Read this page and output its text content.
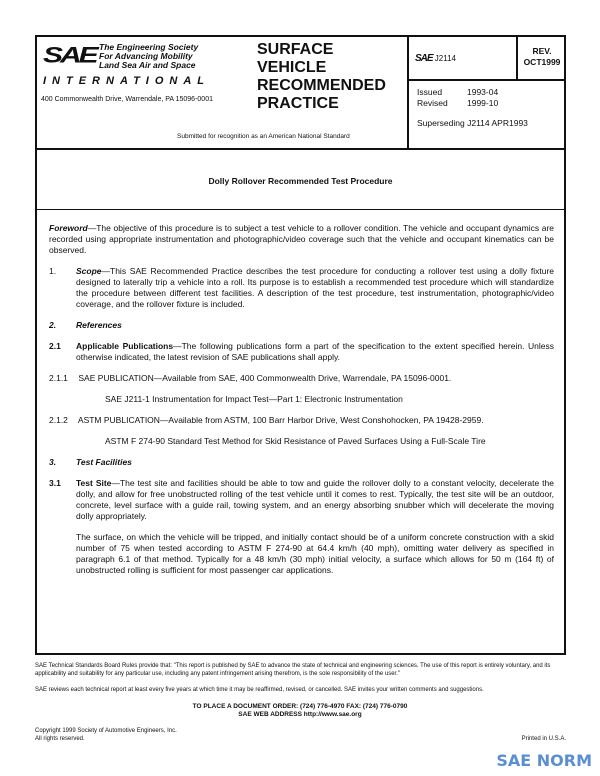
SAE The Engineering Society
For Advancing Mobility
Land Sea Air and Space
INTERNATIONAL
400 Commonwealth Drive, Warrendale, PA 15096-0001
SURFACE
VEHICLE
RECOMMENDED
PRACTICE
Submitted for recognition as an American National Standard
SAE J2114
REV.
OCT1999
Issued	1993-04
Revised 1999-10
Superseding J2114 APR1993
Dolly Rollover Recommended Test Procedure
Foreword—The objective of this procedure is to subject a test vehicle to a rollover condition. The vehicle and occupant dynamics are recorded using appropriate instrumentation and photographic/video coverage such that the vehicle and occupant kinematics can be observed.
1. Scope—This SAE Recommended Practice describes the test procedure for conducting a rollover test using a dolly fixture designed to laterally trip a vehicle into a roll. Its purpose is to establish a recommended test procedure which will standardize the procedure between different test facilities. A description of the test procedure, test instrumentation, photographic/video coverage, and the rollover fixture is included.
2. References
2.1 Applicable Publications—The following publications form a part of the specification to the extent specified herein. Unless otherwise indicated, the latest revision of SAE publications shall apply.
2.1.1 SAE PUBLICATION—Available from SAE, 400 Commonwealth Drive, Warrendale, PA 15096-0001.
SAE J211-1 Instrumentation for Impact Test—Part 1: Electronic Instrumentation
2.1.2 ASTM PUBLICATION—Available from ASTM, 100 Barr Harbor Drive, West Conshohocken, PA 19428-2959.
ASTM F 274-90 Standard Test Method for Skid Resistance of Paved Surfaces Using a Full-Scale Tire
3. Test Facilities
3.1 Test Site—The test site and facilities should be able to tow and guide the rollover dolly to a constant velocity, decelerate the dolly, and allow for free unobstructed rolling of the test vehicle until it comes to rest. Typically, the test site will be an outdoor, concrete, level surface with a guide rail, towing system, and an energy absorbing snubber which will decelerate the moving dolly appropriately.
The surface, on which the vehicle will be tripped, and initially contact should be of a uniform concrete construction with a skid number of 75 when tested according to ASTM F 274-90 at 64.4 km/h (40 mph), omitting water delivery as specified in paragraph 6.1 of that method. Typically for a 48 km/h (30 mph) initial velocity, a surface which allows for 50 m (164 ft) of unobstructed rolling is sufficient for most passenger car applications.
SAE Technical Standards Board Rules provide that: "This report is published by SAE to advance the state of technical and engineering sciences. The use of this report is entirely voluntary, and its applicability and suitability for any particular use, including any patent infringement arising therefrom, is the sole responsibility of the user."
SAE reviews each technical report at least every five years at which time it may be reaffirmed, revised, or cancelled. SAE invites your written comments and suggestions.
TO PLACE A DOCUMENT ORDER: (724) 776-4970 FAX: (724) 776-0790
SAE WEB ADDRESS http://www.sae.org
Copyright 1999 Society of Automotive Engineers, Inc.
All rights reserved.	Printed in U.S.A.
SAE NORM
